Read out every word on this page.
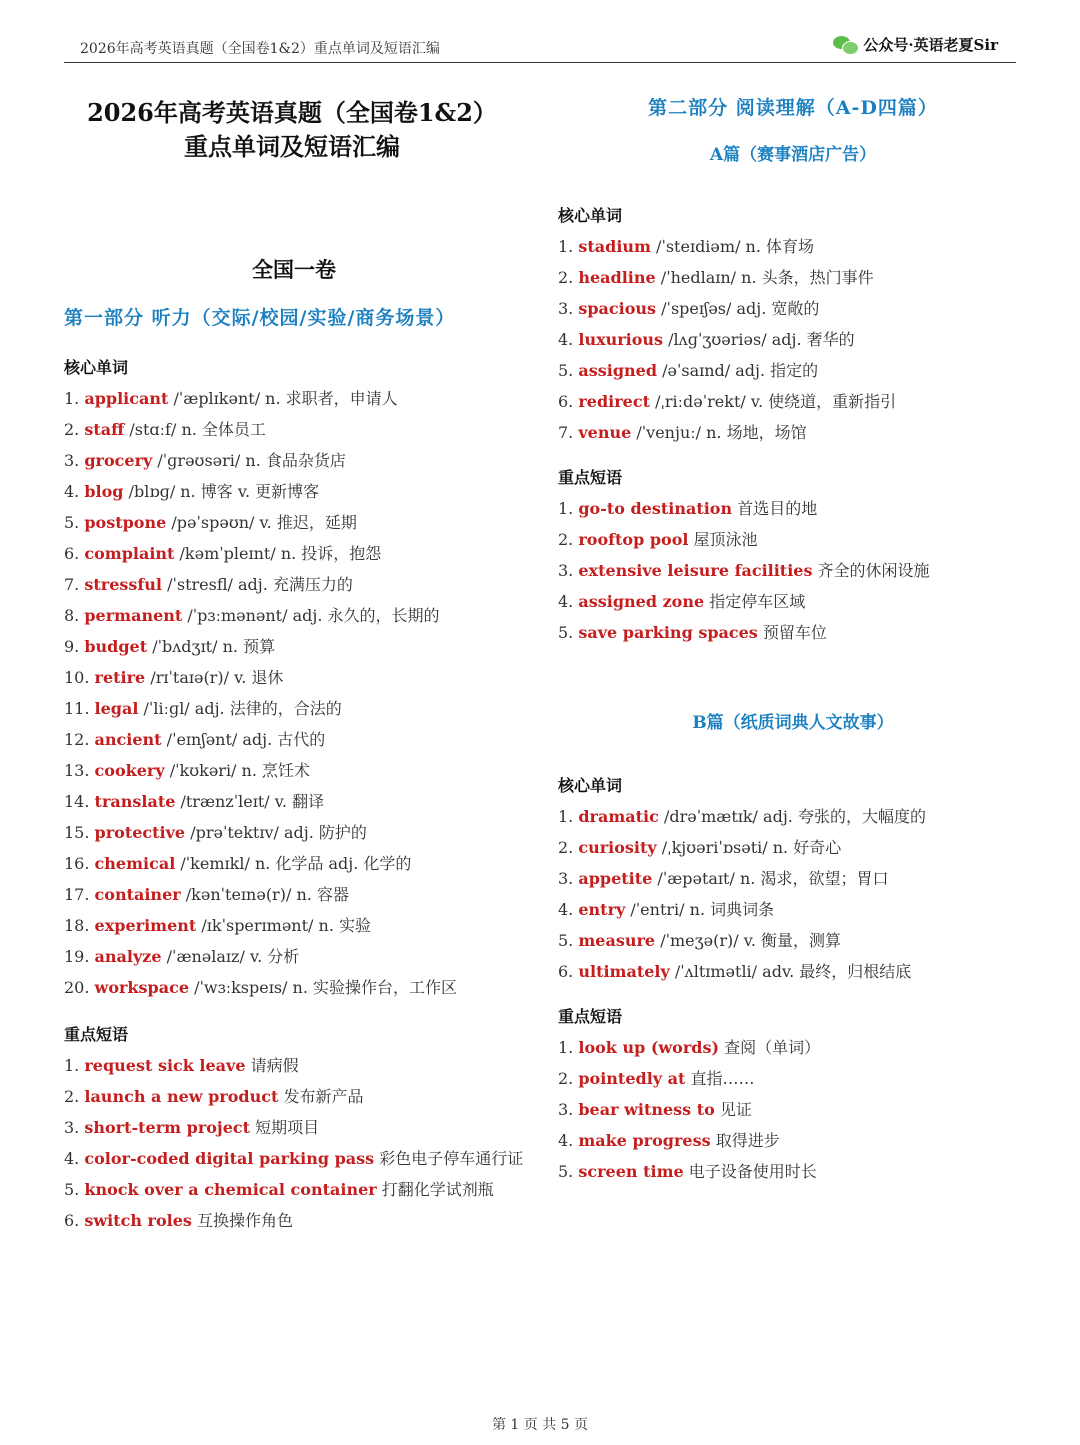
2026年高考英语真题（全国卷1&2）重点单词及短语汇编	公众号·英语老夏Sir
2026年高考英语真题（全国卷1&2）
重点单词及短语汇编
全国一卷
第一部分 听力（交际/校园/实验/商务场景）
核心单词
1. applicant /ˈæplɪkənt/ n. 求职者，申请人
2. staff /stɑːf/ n. 全体员工
3. grocery /ˈɡrəʊsəri/ n. 食品杂货店
4. blog /blɒɡ/ n. 博客 v. 更新博客
5. postpone /pəˈspəʊn/ v. 推迟，延期
6. complaint /kəmˈpleɪnt/ n. 投诉，抱怨
7. stressful /ˈstresfl/ adj. 充满压力的
8. permanent /ˈpɜːmənənt/ adj. 永久的，长期的
9. budget /ˈbʌdʒɪt/ n. 预算
10. retire /rɪˈtaɪə(r)/ v. 退休
11. legal /ˈliːɡl/ adj. 法律的，合法的
12. ancient /ˈeɪnʃənt/ adj. 古代的
13. cookery /ˈkʊkəri/ n. 烹饪术
14. translate /trænzˈleɪt/ v. 翻译
15. protective /prəˈtektɪv/ adj. 防护的
16. chemical /ˈkemɪkl/ n. 化学品 adj. 化学的
17. container /kənˈteɪnə(r)/ n. 容器
18. experiment /ɪkˈsperɪmənt/ n. 实验
19. analyze /ˈænəlaɪz/ v. 分析
20. workspace /ˈwɜːkspeɪs/ n. 实验操作台，工作区
重点短语
1. request sick leave 请病假
2. launch a new product 发布新产品
3. short-term project 短期项目
4. color-coded digital parking pass 彩色电子停车通行证
5. knock over a chemical container 打翻化学试剂瓶
6. switch roles 互换操作角色
第二部分 阅读理解（A-D四篇）
A篇（赛事酒店广告）
核心单词
1. stadium /ˈsteɪdiəm/ n. 体育场
2. headline /ˈhedlaɪn/ n. 头条，热门事件
3. spacious /ˈspeɪʃəs/ adj. 宽敞的
4. luxurious /lʌɡˈʒʊəriəs/ adj. 奢华的
5. assigned /əˈsaɪnd/ adj. 指定的
6. redirect /ˌriːdəˈrekt/ v. 使绕道，重新指引
7. venue /ˈvenjuː/ n. 场地，场馆
重点短语
1. go-to destination 首选目的地
2. rooftop pool 屋顶泳池
3. extensive leisure facilities 齐全的休闲设施
4. assigned zone 指定停车区域
5. save parking spaces 预留车位
B篇（纸质词典人文故事）
核心单词
1. dramatic /drəˈmætɪk/ adj. 夸张的，大幅度的
2. curiosity /ˌkjʊəriˈɒsəti/ n. 好奇心
3. appetite /ˈæpətaɪt/ n. 渴求，欲望；胃口
4. entry /ˈentri/ n. 词典词条
5. measure /ˈmeʒə(r)/ v. 衡量，测算
6. ultimately /ˈʌltɪmətli/ adv. 最终，归根结底
重点短语
1. look up (words) 查阅（单词）
2. pointedly at 直指……
3. bear witness to 见证
4. make progress 取得进步
5. screen time 电子设备使用时长
第 1 页 共 5 页
